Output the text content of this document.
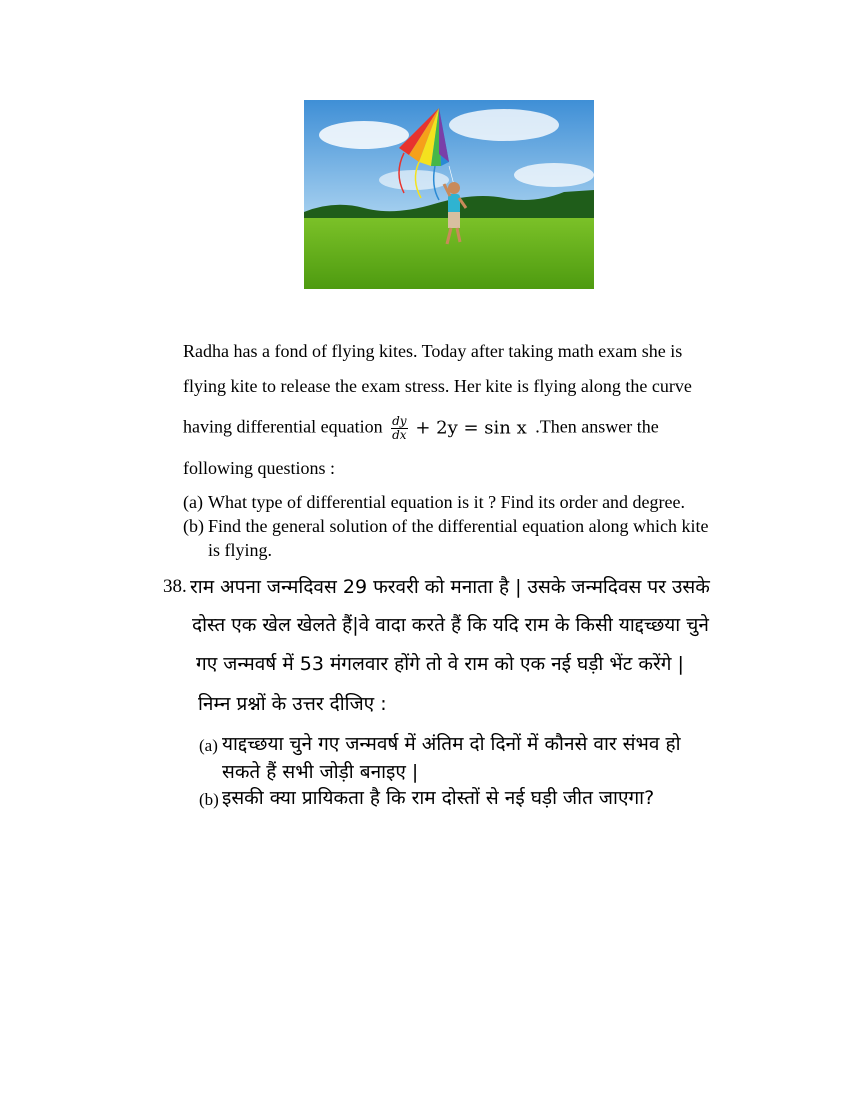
Radha has a fond of flying kites. Today after taking math exam she is
flying kite to release the exam stress. Her kite is flying along the curve
having differential equation $\frac{dy}{dx} + 2y = \sin x$ .Then answer the
following questions :
(a) What type of differential equation is it ? Find its order and degree.
(b) Find the general solution of the differential equation along which kite
is flying.
38. राम अपना जन्मदिवस 29 फरवरी को मनाता है | उसके जन्मदिवस पर उसके
दोस्त एक खेल खेलते हैं|वे वादा करते हैं कि यदि राम के किसी याद्दच्छया चुने
गए जन्मवर्ष में 53 मंगलवार होंगे तो वे राम को एक नई घड़ी भेंट करेंगे |
निम्न प्रश्नों के उत्तर दीजिए :
(a) याद्दच्छया चुने गए जन्मवर्ष में अंतिम दो दिनों में कौनसे वार संभव हो
सकते हैं सभी जोड़ी बनाइए |
(b) इसकी क्या प्रायिकता है कि राम दोस्तों से नई घड़ी जीत जाएगा?
